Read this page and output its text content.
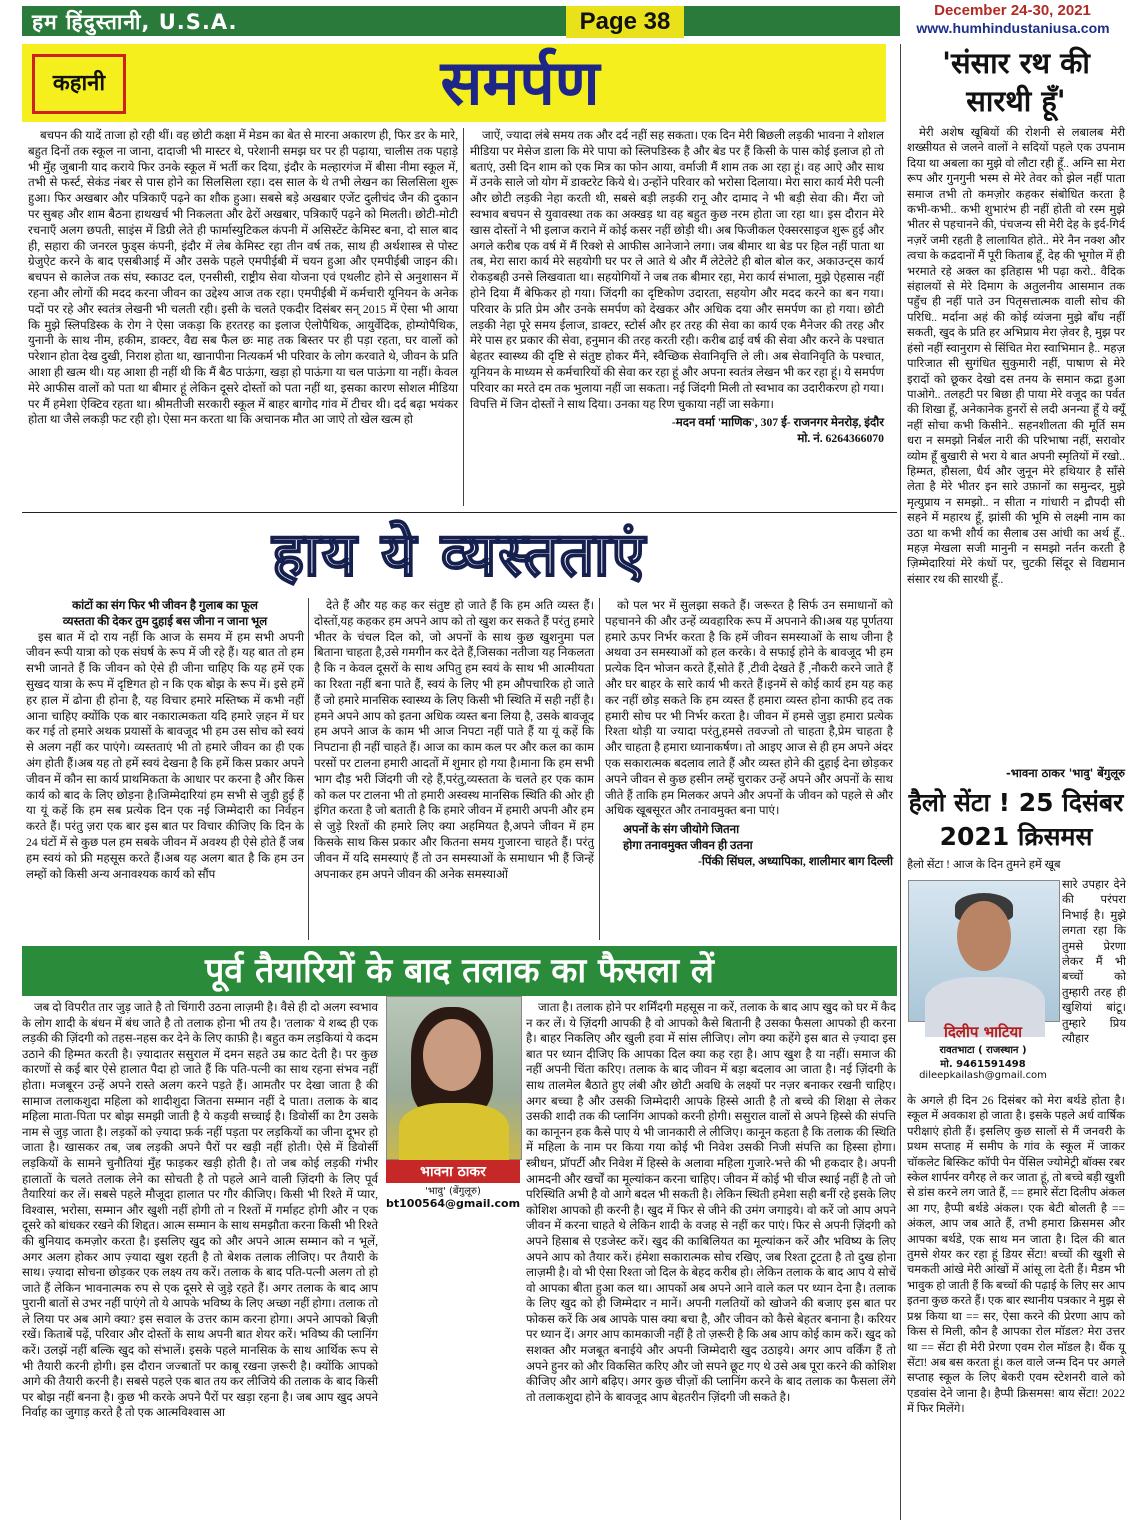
हम हिंदुस्तानी, U.S.A.	Page 38	December 24-30, 2021
www.humhindustaniusa.com
कहानी	समर्पण

बचपन की यादें ताजा हो रही थीं। वह छोटी कक्षा में मेडम का बेत से मारना अकारण ही, फिर डर के मारे, बहुत दिनों तक स्कूल ना जाना, दादाजी भी मास्टर थे, परेशानी समझ घर पर ही पढ़ाया, चालीस तक पहाड़े भी मुँह जुबानी याद कराये फिर उनके स्कूल में भर्ती कर दिया, इंदौर के मल्हारगंज में बीसा नीमा स्कूल में, तभी से फर्स्ट, सेकंड नंबर से पास होने का सिलसिला रहा। दस साल के थे तभी लेखन का सिलसिला शुरू हुआ। फिर अखबार और पत्रिकाएँ पढ़ने का शौक हुआ। सबसे बड़े अखबार एजेंट दुलीचंद जैन की दुकान पर सुबह और शाम बैठना हाथखर्च भी निकलता और ढेरों अखबार, पत्रिकाएँ पढ़ने को मिलती। छोटी-मोटी रचनाएँ अलग छपती, साइंस में डिग्री लेते ही फार्मास्युटिकल कंपनी में असिस्टेंट केमिस्ट बना, दो साल बाद ही, सहारा की जनरल फुड्स कंपनी, इंदौर में लेब केमिस्ट रहा तीन वर्ष तक, साथ ही अर्थशास्त्र से पोस्ट ग्रेजुऐट करने के बाद एसबीआई में और उसके पहले एमपीईबी में चयन हुआ और एमपीईबी जाइन की। बचपन से कालेज तक संघ, स्काउट दल, एनसीसी, राष्ट्रीय सेवा योजना एवं एथलीट होने से अनुशासन में रहना और लोगों की मदद करना जीवन का उद्देश्य आज तक रहा। एमपीईबी में कर्मचारी यूनियन के अनेक पदों पर रहे और स्वतंत्र लेखनी भी चलती रही। इसी के चलते एकदीर दिसंबर सन् 2015 में ऐसा भी आया कि मुझे स्लिपडिस्क के रोग ने ऐसा जकड़ा कि हरतरह का इलाज ऐलोपैथिक, आयुर्वेदिक, होम्योपैथिक, युनानी के साथ नीम, हकीम, डाक्टर, वैद्य सब फैल छः माह तक बिस्तर पर ही पड़ा रहता, घर वालों को परेशान होता देख दुखी, निराश होता था, खानापीना नित्यकर्म भी परिवार के लोग करवाते थे, जीवन के प्रति आशा ही खत्म थी। यह आशा ही नहीं थी कि मैं बैठ पाऊंगा, खड़ा हो पाऊंगा या चल पाऊंगा या नहीं। केवल मेरे आफीस वालों को पता था बीमार हूं लेकिन दूसरे दोस्तों को पता नहीं था, इसका कारण सोशल मीडिया पर मैं हमेशा ऐक्टिव रहता था। श्रीमतीजी सरकारी स्कूल में बाहर बागोद गांव में टीचर थी। दर्द बढ़ा भयंकर होता था जैसे लकड़ी फट रही हो। ऐसा मन करता था कि अचानक मौत आ जाऐ तो खेल खत्म हो

जाऐं, ज्यादा लंबे समय तक और दर्द नहीं सह सकता। एक दिन मेरी बिछली लड़की भावना ने शोशल मीडिया पर मेसेज डाला कि मेरे पापा को स्लिपडिस्क है और बेड पर हैं किसी के पास कोई इलाज हो तो बताएं, उसी दिन शाम को एक मित्र का फोन आया, वर्माजी मैं शाम तक आ रहा हूं। वह आऐ और साथ में उनके साले जो योग में डाक्टरेट किये थे। उन्होंने परिवार को भरोसा दिलाया। मेरा सारा कार्य मेरी पत्नी और छोटी लड़की नेहा करती थी, सबसे बड़ी लड़की रानू और दामाद ने भी बड़ी सेवा की। मैंरा जो स्वभाव बचपन से युवावस्था तक का अक्खड़ था वह बहुत कुछ नरम होता जा रहा था। इस दौरान मेरे खास दोस्तों ने भी इलाज कराने में कोई कसर नहीं छोड़ी थी। अब फिजीकल ऐक्सरसाइज शुरू हुई और अगले करीब एक वर्ष में मैं रिक्शे से आफीस आनेजाने लगा। जब बीमार था बेड पर हिल नहीं पाता था तब, मेरा सारा कार्य मेरे सहयोगी घर पर ले आते थे और मैं लेटेलेटे ही बोल बोल कर, अकाउन्ट्स कार्य रोकड़बही उनसे लिखवाता था। सहयोगियों ने जब तक बीमार रहा, मेरा कार्य संभाला, मुझे ऐहसास नहीं होने दिया मैं बेफिकर हो गया। जिंदगी का दृष्टिकोण उदारता, सहयोग और मदद करने का बन गया। परिवार के प्रति प्रेम और उनके समर्पण को देखकर और अधिक दया और समर्पण का हो गया। छोटी लड़की नेहा पूरे समय ईलाज, डाक्टर, स्टोर्स और हर तरह की सेवा का कार्य एक मैनेजर की तरह और मेरे पास हर प्रकार की सेवा, हनुमान की तरह करती रही। करीब ढाई वर्ष की सेवा और करने के पश्चात बेहतर स्वास्थ्य की दृष्टि से संतुष्ट होकर मैंने, स्वैच्छिक सेवानिवृत्ति ले ली। अब सेवानिवृति के पश्चात, यूनियन के माध्यम से कर्मचारियों की सेवा कर रहा हूं और अपना स्वतंत्र लेखन भी कर रहा हूं। ये समर्पण परिवार का मरते दम तक भुलाया नहीं जा सकता। नई जिंदगी मिली तो स्वभाव का उदारीकरण हो गया। विपत्ति में जिन दोस्तों ने साथ दिया। उनका यह रिण चुकाया नहीं जा सकेगा।

-मदन वर्मा 'माणिक', 307 ई- राजनगर मेनरोड़, इंदौर
मो. नं. 6264366070
हाय ये व्यस्तताएं
कांटों का संग फिर भी जीवन है गुलाब का फूल
व्यस्तता की देकर तुम दुहाई बस जीना न जाना भूल

इस बात में दो राय नहीं कि आज के समय में हम सभी अपनी जीवन रूपी यात्रा को एक संघर्ष के रूप में जी रहे हैं। यह बात तो हम सभी जानते हैं कि जीवन को ऐसे ही जीना चाहिए कि यह हमें एक सुखद यात्रा के रूप में दृष्टिगत हो न कि एक बोझ के रूप में। इसे हमें हर हाल में ढोना ही होना है, यह विचार हमारे मस्तिष्क में कभी नहीं आना चाहिए क्योंकि एक बार नकारात्मकता यदि हमारे ज़हन में घर कर गई तो हमारे अथक प्रयासों के बावजूद भी हम उस सोच को स्वयं से अलग नहीं कर पाएंगे। व्यस्तताएं भी तो हमारे जीवन का ही एक अंग होती हैं।अब यह तो हमें स्वयं देखना है कि हमें किस प्रकार अपने जीवन में कौन सा कार्य प्राथमिकता के आधार पर करना है और किस कार्य को बाद के लिए छोड़ना है।जिम्मेदारियां हम सभी से जुड़ी हुई हैं या यूं कहें कि हम सब प्रत्येक दिन एक नई जिम्मेदारी का निर्वहन करते हैं। परंतु ज़रा एक बार इस बात पर विचार कीजिए कि दिन के 24 घंटों में से कुछ पल हम सबके जीवन में अवश्य ही ऐसे होते हैं जब हम स्वयं को फ्री महसूस करते हैं।अब यह अलग बात है कि हम उन लम्हों को किसी अन्य अनावश्यक कार्य को सौंप

देते हैं और यह कह कर संतुष्ट हो जाते हैं कि हम अति व्यस्त हैं।दोस्तों,यह कहकर हम अपने आप को तो खुश कर सकते हैं परंतु हमारे भीतर के चंचल दिल को, जो अपनों के साथ कुछ खुशनुमा पल बिताना चाहता है,उसे गमगीन कर देते हैं,जिसका नतीजा यह निकलता है कि न केवल दूसरों के साथ अपितु हम स्वयं के साथ भी आत्मीयता का रिश्ता नहीं बना पाते हैं, स्वयं के लिए भी हम औपचारिक हो जाते हैं जो हमारे मानसिक स्वास्थ्य के लिए किसी भी स्थिति में सही नहीं है। हमने अपने आप को इतना अधिक व्यस्त बना लिया है, उसके बावजूद हम अपने आज के काम भी आज निपटा नहीं पाते हैं या यूं कहें कि निपटाना ही नहीं चाहते हैं। आज का काम कल पर और कल का काम परसों पर टालना हमारी आदतों में शुमार हो गया है।माना कि हम सभी भाग दौड़ भरी जिंदगी जी रहे हैं,परंतु,व्यस्तता के चलते हर एक काम को कल पर टालना भी तो हमारी अस्वस्थ मानसिक स्थिति की ओर ही इंगित करता है जो बताती है कि हमारे जीवन में हमारी अपनी और हम से जुड़े रिश्तों की हमारे लिए क्या अहमियत है,अपने जीवन में हम किसके साथ किस प्रकार और कितना समय गुजारना चाहते हैं। परंतु जीवन में यदि समस्याएं हैं तो उन समस्याओं के समाधान भी हैं जिन्हें अपनाकर हम अपने जीवन की अनेक समस्याओं

को पल भर में सुलझा सकते हैं। जरूरत है सिर्फ उन समाधानों को पहचानने की और उन्हें व्यवहारिक रूप में अपनाने की।अब यह पूर्णतया हमारे ऊपर निर्भर करता है कि हमें जीवन समस्याओं के साथ जीना है अथवा उन समस्याओं को हल करके। वे सफाई होने के बावजूद भी हम प्रत्येक दिन भोजन करते हैं,सोते हैं ,टीवी देखते हैं ,नौकरी करने जाते हैं और घर बाहर के सारे कार्य भी करते हैं।इनमें से कोई कार्य हम यह कह कर नहीं छोड़ सकते कि हम व्यस्त हैं हमारा व्यस्त होना काफी हद तक हमारी सोच पर भी निर्भर करता है। जीवन में हमसे जुड़ा हमारा प्रत्येक रिश्ता थोड़ी या ज्यादा परंतु,हमसे तवज्जो तो चाहता है,प्रेम चाहता है और चाहता है हमारा ध्यानाकर्षण। तो आइए आज से ही हम अपने अंदर एक सकारात्मक बदलाव लाते हैं और व्यस्त होने की दुहाई देना छोड़कर अपने जीवन से कुछ हसीन लम्हें चुराकर उन्हें अपने और अपनों के साथ जीते हैं ताकि हम मिलकर अपने और अपनों के जीवन को पहले से और अधिक खूबसूरत और तनावमुक्त बना पाएं।

अपनों के संग जीयोगे जितना
होगा तनावमुक्त जीवन ही उतना
-पिंकी सिंघल, अध्यापिका, शालीमार बाग दिल्ली
पूर्व तैयारियों के बाद तलाक का फैसला लें

जब दो विपरीत तार जुड़ जाते है तो चिंगारी उठना लाज़मी है। वैसे ही दो अलग स्वभाव के लोग शादी के बंधन में बंध जाते है तो तलाक होना भी तय है। 'तलाक' ये शब्द ही एक लड़की की ज़िंदगी को तहस-नहस कर देने के लिए काफ़ी है। बहुत कम लड़कियां ये कदम उठाने की हिम्मत करती है। ज़्यादातर ससुराल में दमन सहते उम्र काट देती है। पर कुछ कारणों से कई बार ऐसे हालात पैदा हो जाते हैं कि पति-पत्नी का साथ रहना संभव नहीं होता। मजबूरन उन्हें अपने रास्ते अलग करने पड़ते हैं। आमतौर पर देखा जाता है की सामाज तलाकशुदा महिला को शादीशुदा जितना सम्मान नहीं दे पाता। तलाक के बाद महिला माता-पिता पर बोझ समझी जाती है ये कड़वी सच्चाई है। डिवोर्सी का टैग उसके नाम से जुड़ जाता है। लड़कों को ज़्यादा फ़र्क नहीं पड़ता पर लड़कियों का जीना दूभर हो जाता है। खासकर तब, जब लड़की अपने पैरों पर खड़ी नहीं होती। ऐसे में डिवोर्सी लड़कियों के सामने चुनौतियां मुँह फाड़कर खड़ी होती है। तो जब कोई लड़की गंभीर हालातों के चलते तलाक लेने का सोचती है तो पहले आने वाली ज़िंदगी के लिए पूर्व तैयारियां कर लें। सबसे पहले मौजूदा हालात पर गौर कीजिए। किसी भी रिश्ते में प्यार, विश्वास, भरोसा, सम्मान और खुशी नहीं होगी तो न रिश्तों में गर्माहट होगी और न एक दूसरे को बांधकर रखने की शिद्दत। आत्म सम्मान के साथ समझौता करना किसी भी रिश्ते की बुनियाद कमज़ोर करता है। इसलिए खुद को और अपने आत्म सम्मान को न भूलें, अगर अलग होकर आप ज़्यादा खुश रहती है तो बेशक तलाक लीजिए। पर तैयारी के साथ। ज़्यादा सोचना छोड़कर एक लक्ष्य तय करें। तलाक के बाद पति-पत्नी अलग तो हो जाते हैं लेकिन भावनात्मक रुप से एक दूसरे से जुड़े रहते हैं। अगर तलाक के बाद आप पुरानी बातों से उभर नहीं पाएंगे तो ये आपके भविष्य के लिए अच्छा नहीं होगा। तलाक तो ले लिया पर अब आगे क्या? इस सवाल के उत्तर काम करना होगा। अपने आपको बिज़ी रखें। किताबें पढ़ें, परिवार और दोस्तों के साथ अपनी बात शेयर करें। भविष्य की प्लानिंग करें। उलझें नहीं बल्कि खुद को संभालें। इसके पहले मानसिक के साथ आर्थिक रूप से भी तैयारी करनी होगी। इस दौरान जज्बातों पर काबू रखना ज़रूरी है। क्योंकि आपको आगे की तैयारी करनी है। सबसे पहले एक बात तय कर लीजिये की तलाक के बाद किसी पर बोझ नहीं बनना है। कुछ भी करके अपने पैरों पर खड़ा रहना है। जब आप खुद अपने निर्वाह का जुगाड़ करते है तो एक आत्मविश्वास आ

भावना ठाकर
'भावु' (बेंगुलूरु)
bt100564@gmail.com

जाता है। तलाक होने पर शर्मिंदगी महसूस ना करें, तलाक के बाद आप खुद को घर में कैद न कर लें। ये ज़िंदगी आपकी है वो आपको कैसे बितानी है उसका फैसला आपको ही करना है। बाहर निकलिए और खुली हवा में सांस लीजिए। लोग क्या कहेंगे इस बात से ज़्यादा इस बात पर ध्यान दीजिए कि आपका दिल क्या कह रहा है। आप खुश है या नहीं। समाज की नहीं अपनी चिंता करिए। तलाक के बाद जीवन में बड़ा बदलाव आ जाता है। नई ज़िंदगी के साथ तालमेल बैठाते हुए लंबी और छोटी अवधि के लक्ष्यों पर नज़र बनाकर रखनी चाहिए। अगर बच्चा है और उसकी जिम्मेदारी आपके हिस्से आती है तो बच्चे की शिक्षा से लेकर उसकी शादी तक की प्लानिंग आपको करनी होगी। ससुराल वालों से अपने हिस्से की संपत्ति का कानूनन हक कैसे पाए ये भी जानकारी ले लीजिए। कानून कहता है कि तलाक की स्थिति में महिला के नाम पर किया गया कोई भी निवेश उसकी निजी संपत्ति का हिस्सा होगा। स्त्रीधन, प्रॉपर्टी और निवेश में हिस्से के अलावा महिला गुजारे-भत्ते की भी हकदार है। अपनी आमदनी और खर्चों का मूल्यांकन करना चाहिए। जीवन में कोई भी चीज स्थाई नहीं है तो जो परिस्थिति अभी है वो आगे बदल भी सकती है। लेकिन स्थिती हमेशा सही बनीं रहे इसके लिए कोशिश आपको ही करनी है। खुद में फिर से जीने की उमंग जगाइये। वो करें जो आप अपने जीवन में करना चाहते थे लेकिन शादी के वजह से नहीं कर पाएं। फिर से अपनी ज़िंदगी को अपने हिसाब से एडजेस्ट करें। खुद की काबिलियत का मूल्यांकन करें और भविष्य के लिए अपने आप को तैयार करें। हंमेशा सकारात्मक सोच रखिए, जब रिश्ता टूटता है तो दुख होना लाज़मी है। वो भी ऐसा रिश्ता जो दिल के बेहद करीब हो। लेकिन तलाक के बाद आप ये सोचें वो आपका बीता हुआ कल था। आपकों अब अपने आने वाले कल पर ध्यान देना है। तलाक के लिए खुद को ही जिम्मेदार न मानें। अपनी गलतियों को खोजने की बजाए इस बात पर फोकस करें कि अब आपके पास क्या बचा है, और जीवन को कैसे बेहतर बनाना है। करियर पर ध्यान दें। अगर आप कामकाजी नहीं है तो ज़रूरी है कि अब आप कोई काम करें। खुद को सशक्त और मजबूत बनाईये और अपनी जिम्मेदारी खुद उठाइये। अगर आप वर्किंग हैं तो अपने हुनर को और विकसित करिए और जो सपने छूट गए थे उसे अब पूरा करने की कोशिश कीजिए और आगे बढ़िए। अगर कुछ चीज़ों की प्लानिंग करने के बाद तलाक का फैसला लेंगे तो तलाकशुदा होने के बावजूद आप बेहतरीन ज़िंदगी जी सकते है।

'संसार रथ की
सारथी हूँ'

मेरी अशेष खूबियों की रोशनी से लबालब मेरी शख्सीयत से जलने वालों ने सदियों पहले एक उपनाम दिया था अबला का मुझे वो लौटा रही हूँ.. अग्नि सा मेरा रूप और गुनगुनी भस्म से मेरे तेवर को झेल नहीं पाता समाज तभी तो कमज़ोर कहकर संबोधित करता है कभी-कभी.. कभी शुभारंभ ही नहीं होती वो रस्म मुझे भीतर से पहचानने की, पंचजन्य सी मेरी देह के इर्द-गिर्द नज़रें जमी रहती है लालायित होते.. मेरे नैन नक्श और त्वचा के कद्रदानों मैं पूरी किताब हूँ, देह की भूगोल में ही भरमाते रहे अक्ल का इतिहास भी पढ़ा करो.. वैदिक संहालयों से मेरे दिमाग के अतुलनीय आसमान तक पहुँच ही नहीं पाते उन पितृसत्तात्मक वाली सोच की परिधि.. मर्दाना अहं की कोई व्यंजना मुझे बाँध नहीं सकती, खुद के प्रति हर अभिप्राय मेरा ज़ेवर है, मुझ पर हंसो नहीं स्वानुराग से सिंचित मेरा स्वाभिमान है.. महज़ पारिजात सी सुगंधित सुकुमारी नहीं, पाषाण से मेरे इरादों को छूकर देखो दस तनय के समान कद्रा हुआ पाओगे.. तलहटी पर बिछा ही पाया मेरे वजूद का पर्वत की शिखा हूँ, अनेकानेक हुनरों से लदी अनन्या हूँ ये क्यूँ नहीं सोचा कभी किसीने.. सहनशीलता की मूर्ति सम धरा न समझो निर्बल नारी की परिभाषा नहीं, सरावोर व्योम हूँ बुखारी से भरा ये बात अपनी स्मृतियों में रखो.. हिम्मत, हौसला, धैर्य और जुनून मेरे हथियार है साँसे लेता है मेरे भीतर इन सारे उफ़ानों का समुन्दर, मुझे मृत्युप्राय न समझो.. न सीता न गांधारी न द्रौपदी सी सहने में महारथ हूँ, झांसी की भूमि से लक्ष्मी नाम का उठा था कभी शौर्य का सैलाब उस आंधी का अर्थ हूँ.. महज़ मेखला सजी मानुनी न समझो नर्तन करती है ज़िम्मेदारियां मेरे कंधों पर, चुटकी सिंदूर से विद्यमान संसार रथ की सारथी हूँ..

-भावना ठाकर 'भावु' बेंगुलूरु
हैलो सेंटा ! 25 दिसंबर
2021 क्रिसमस
हैलो सेंटा ! आज के दिन तुमने हमें खूब
दिलीप भाटिया
रावतभाटा ( राजस्थान )
मो. 9461591498
dileepkailash@gmail.com
सारे उपहार देने की परंपरा निभाई है। मुझे लगता रहा कि तुमसे प्रेरणा लेकर मैं भी बच्चों को तुम्हारी तरह ही खुशियां बांटू।तुम्हारे प्रिय त्यौहार
के अगले ही दिन 26 दिसंबर को मेरा बर्थडे होता है। स्कूल में अवकाश हो जाता है। इसके पहले अर्ध वार्षिक परीक्षाएं होती हैं। इसलिए कुछ सालों से मैं जनवरी के प्रथम सप्ताह में समीप के गांव के स्कूल में जाकर चॉकलेट बिस्किट कॉपी पेन पेंसिल ज्योमेट्री बॉक्स रबर स्केल शार्पनर वगैरह ले कर जाता हूं, तो बच्चे बड़ी खुशी से डांस करने लग जाते हैं, == हमारे सेंटा दिलीप अंकल आ गए, हैप्पी बर्थडे अंकल। एक बेटी बोलती है == अंकल, आप जब आते हैं, तभी हमारा क्रिसमस और आपका बर्थडे, एक साथ मन जाता है। दिल की बात तुमसे शेयर कर रहा हूं डियर सेंटा! बच्चों की खुशी से चमकती आंखे मेरी आंखों में आंसू ला देती हैं। मैडम भी भावुक हो जाती हैं कि बच्चों की पढ़ाई के लिए सर आप इतना कुछ करते हैं। एक बार स्थानीय पत्रकार ने मुझ से प्रश्न किया था == सर, ऐसा करने की प्रेरणा आप को किस से मिली, कौन है आपका रोल मॉडल? मेरा उत्तर था == सेंटा ही मेरी प्रेरणा एवम रोल मॉडल है। थैंक यू सेंटा! अब बस करता हूं। कल वाले जन्म दिन पर अगले सप्ताह स्कूल के लिए बेकरी एवम स्टेशनरी वाले को एडवांस देने जाना है। हैप्पी क्रिसमस! बाय सेंटा! 2022 में फिर मिलेंगे।
